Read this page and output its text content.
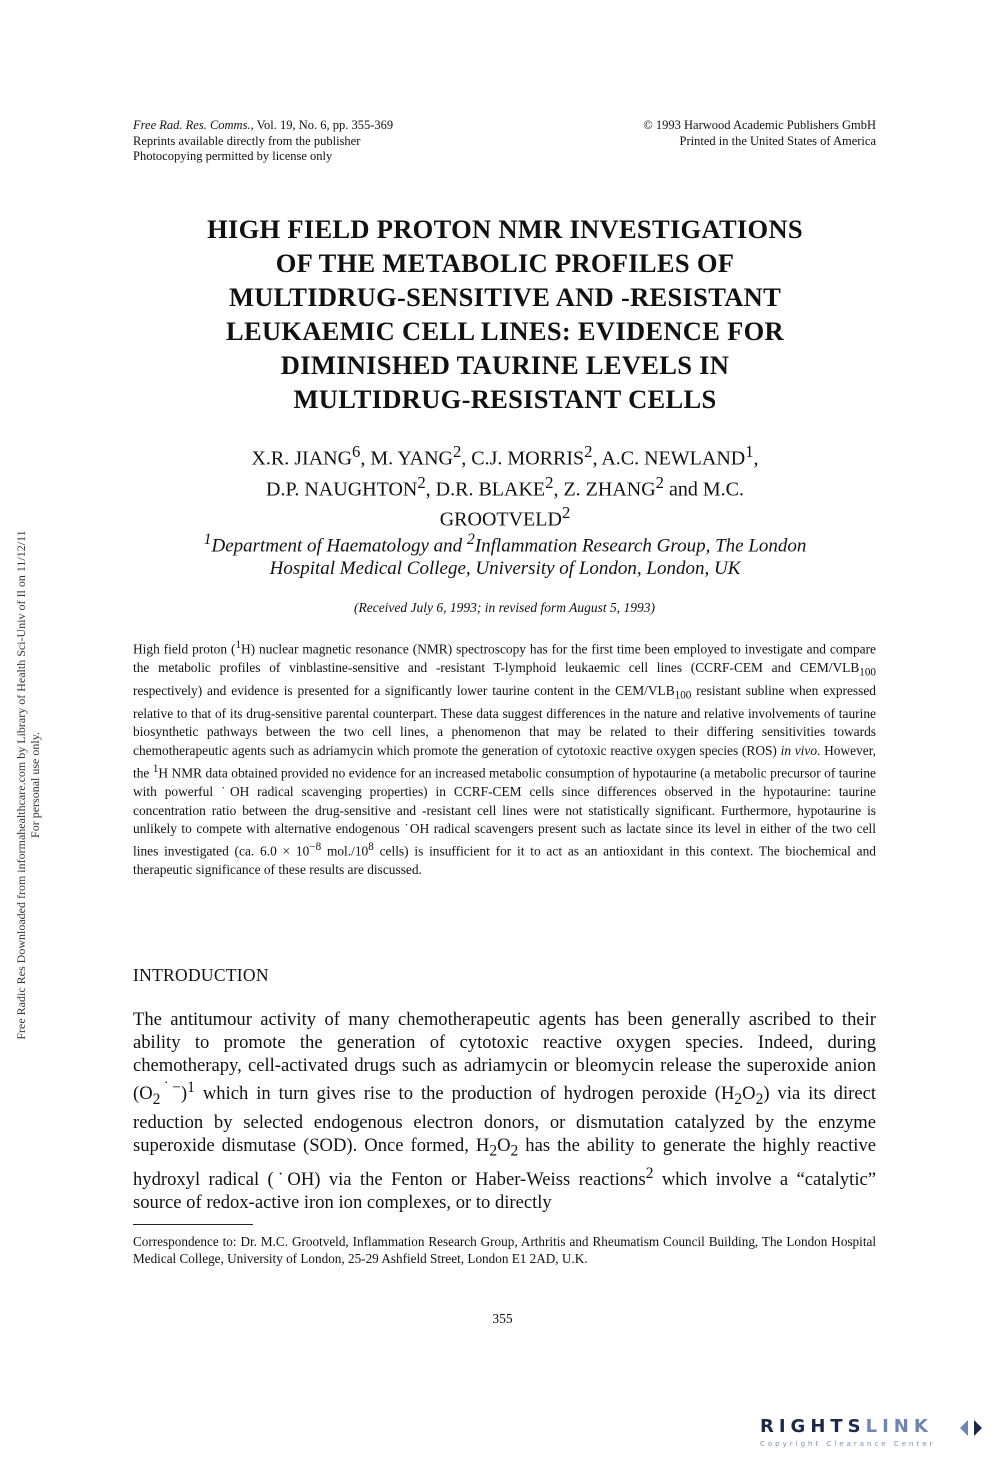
Free Rad. Res. Comms., Vol. 19, No. 6, pp. 355-369
Reprints available directly from the publisher
Photocopying permitted by license only
© 1993 Harwood Academic Publishers GmbH
Printed in the United States of America
Free Radic Res Downloaded from informahealthcare.com by Library of Health Sci-Univ of Il on 11/12/11 For personal use only.
HIGH FIELD PROTON NMR INVESTIGATIONS
OF THE METABOLIC PROFILES OF
MULTIDRUG-SENSITIVE AND -RESISTANT
LEUKAEMIC CELL LINES: EVIDENCE FOR
DIMINISHED TAURINE LEVELS IN
MULTIDRUG-RESISTANT CELLS
X.R. JIANG$^6$, M. YANG$^2$, C.J. MORRIS$^2$, A.C. NEWLAND$^1$,
D.P. NAUGHTON$^2$, D.R. BLAKE$^2$, Z. ZHANG$^2$ and M.C.
GROOTVELD$^2$
$^1$Department of Haematology and $^2$Inflammation Research Group, The London
Hospital Medical College, University of London, London, UK
(Received July 6, 1993; in revised form August 5, 1993)
High field proton ($^1$H) nuclear magnetic resonance (NMR) spectroscopy has for the first time been employed to investigate and compare the metabolic profiles of vinblastine-sensitive and -resistant T-lymphoid leukaemic cell lines (CCRF-CEM and CEM/$VLB_{100}$ respectively) and evidence is presented for a significantly lower taurine content in the CEM/$VLB_{100}$ resistant subline when expressed relative to that of its drug-sensitive parental counterpart. These data suggest differences in the nature and relative involvements of taurine biosynthetic pathways between the two cell lines, a phenomenon that may be related to their differing sensitivities towards chemotherapeutic agents such as adriamycin which promote the generation of cytotoxic reactive oxygen species (ROS) in vivo. However, the $^1$H NMR data obtained provided no evidence for an increased metabolic consumption of hypotaurine (a metabolic precursor of taurine with powerful ˙OH radical scavenging properties) in CCRF-CEM cells since differences observed in the hypotaurine: taurine concentration ratio between the drug-sensitive and -resistant cell lines were not statistically significant. Furthermore, hypotaurine is unlikely to compete with alternative endogenous ˙OH radical scavengers present such as lactate since its level in either of the two cell lines investigated (ca. $6.0 \times 10^{-8}$ $mol./10^8$ cells) is insufficient for it to act as an antioxidant in this context. The biochemical and therapeutic significance of these results are discussed.
INTRODUCTION
The antitumour activity of many chemotherapeutic agents has been generally ascribed to their ability to promote the generation of cytotoxic reactive oxygen species. Indeed, during chemotherapy, cell-activated drugs such as adriamycin or bleomycin release the superoxide anion $(O_2^{˙-})^1$ which in turn gives rise to the production of hydrogen peroxide $(H_2O_2)$ via its direct reduction by selected endogenous electron donors, or dismutation catalyzed by the enzyme superoxide dismutase (SOD). Once formed, $H_2O_2$ has the ability to generate the highly reactive hydroxyl radical (˙OH) via the Fenton or Haber-Weiss reactions$^2$ which involve a “catalytic” source of redox-active iron ion complexes, or to directly
Correspondence to: Dr. M.C. Grootveld, Inflammation Research Group, Arthritis and Rheumatism Council Building, The London Hospital Medical College, University of London, 25-29 Ashfield Street, London E1 2AD, U.K.
355
RIGHTSLINK
Copyright Clearance Center
